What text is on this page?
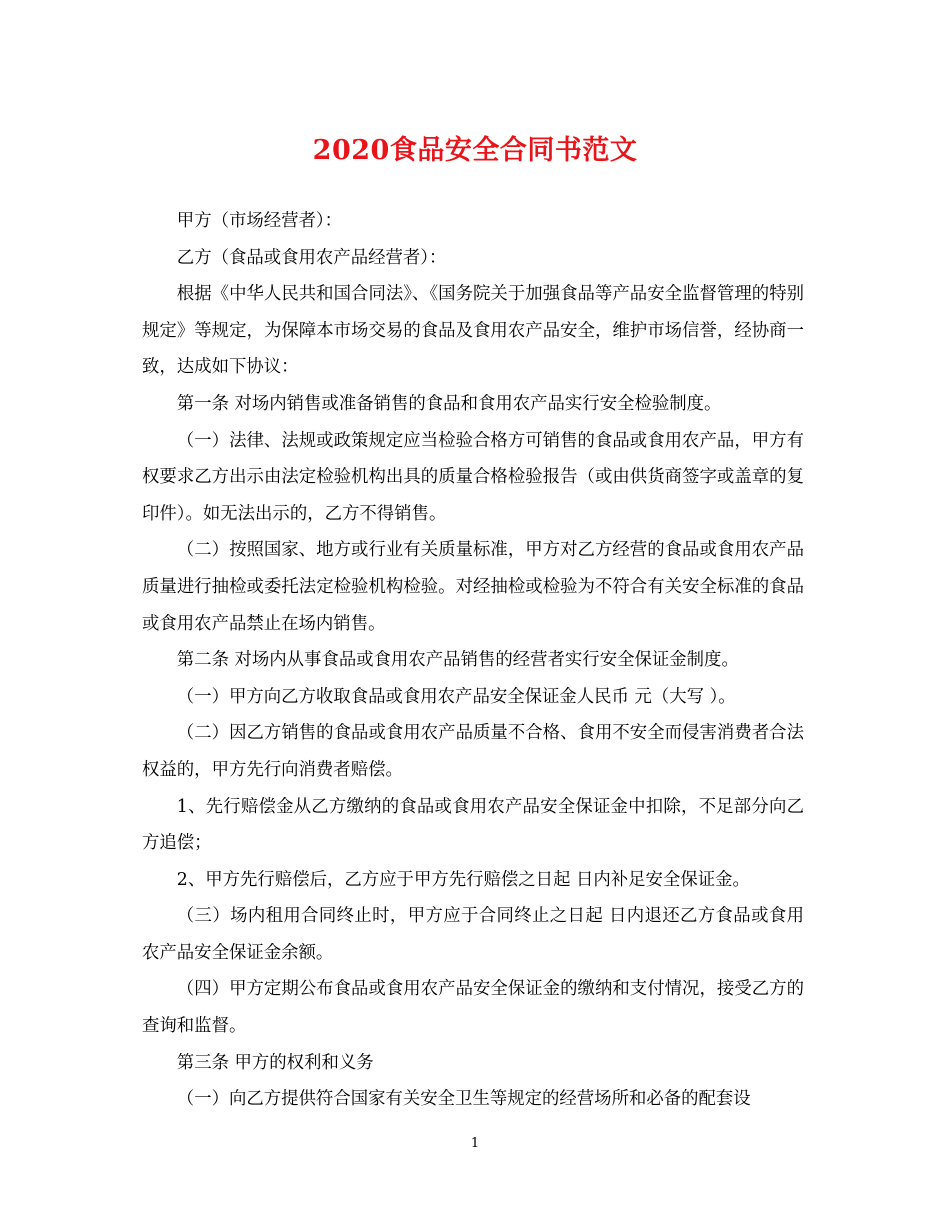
2020食品安全合同书范文

甲方（市场经营者）：

乙方（食品或食用农产品经营者）：

根据《中华人民共和国合同法》、《国务院关于加强食品等产品安全监督管理的特别规定》等规定，为保障本市场交易的食品及食用农产品安全，维护市场信誉，经协商一致，达成如下协议：

第一条 对场内销售或准备销售的食品和食用农产品实行安全检验制度。

（一）法律、法规或政策规定应当检验合格方可销售的食品或食用农产品，甲方有权要求乙方出示由法定检验机构出具的质量合格检验报告（或由供货商签字或盖章的复印件）。如无法出示的，乙方不得销售。

（二）按照国家、地方或行业有关质量标准，甲方对乙方经营的食品或食用农产品质量进行抽检或委托法定检验机构检验。对经抽检或检验为不符合有关安全标准的食品或食用农产品禁止在场内销售。

第二条 对场内从事食品或食用农产品销售的经营者实行安全保证金制度。

（一）甲方向乙方收取食品或食用农产品安全保证金人民币 元（大写 ）。

（二）因乙方销售的食品或食用农产品质量不合格、食用不安全而侵害消费者合法权益的，甲方先行向消费者赔偿。

1、先行赔偿金从乙方缴纳的食品或食用农产品安全保证金中扣除，不足部分向乙方追偿；

2、甲方先行赔偿后，乙方应于甲方先行赔偿之日起 日内补足安全保证金。

（三）场内租用合同终止时，甲方应于合同终止之日起 日内退还乙方食品或食用农产品安全保证金余额。

（四）甲方定期公布食品或食用农产品安全保证金的缴纳和支付情况，接受乙方的查询和监督。

第三条 甲方的权利和义务

（一）向乙方提供符合国家有关安全卫生等规定的经营场所和必备的配套设

1
